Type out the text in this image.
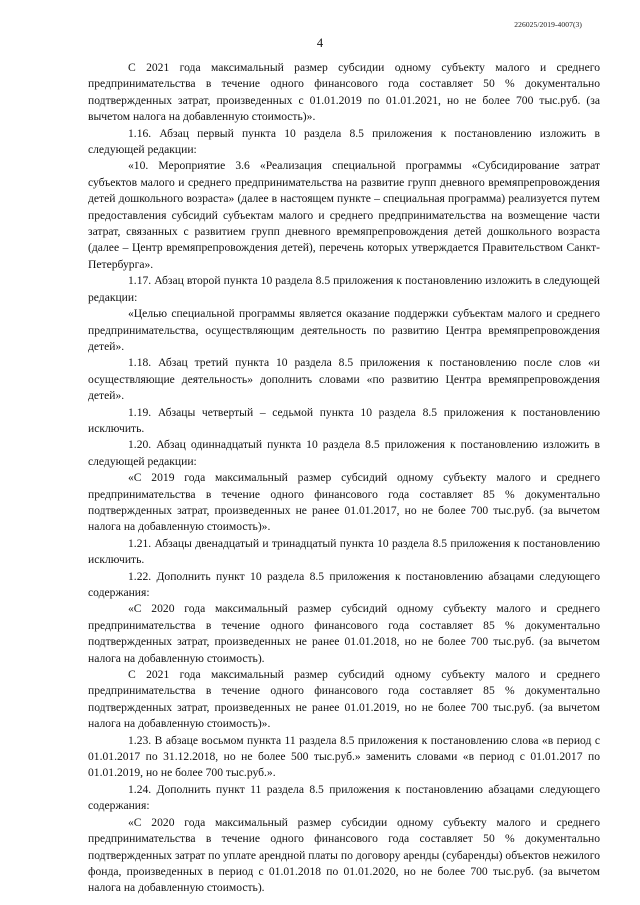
226025/2019-4007(3)
4

С 2021 года максимальный размер субсидии одному субъекту малого и среднего предпринимательства в течение одного финансового года составляет 50 % документально подтвержденных затрат, произведенных с 01.01.2019 по 01.01.2021, но не более 700 тыс.руб. (за вычетом налога на добавленную стоимость)».

1.16. Абзац первый пункта 10 раздела 8.5 приложения к постановлению изложить в следующей редакции:

«10. Мероприятие 3.6 «Реализация специальной программы «Субсидирование затрат субъектов малого и среднего предпринимательства на развитие групп дневного времяпрепровождения детей дошкольного возраста» (далее в настоящем пункте – специальная программа) реализуется путем предоставления субсидий субъектам малого и среднего предпринимательства на возмещение части затрат, связанных с развитием групп дневного времяпрепровождения детей дошкольного возраста (далее – Центр времяпрепровождения детей), перечень которых утверждается Правительством Санкт-Петербурга».

1.17. Абзац второй пункта 10 раздела 8.5 приложения к постановлению изложить в следующей редакции:

«Целью специальной программы является оказание поддержки субъектам малого и среднего предпринимательства, осуществляющим деятельность по развитию Центра времяпрепровождения детей».

1.18. Абзац третий пункта 10 раздела 8.5 приложения к постановлению после слов «и осуществляющие деятельность» дополнить словами «по развитию Центра времяпрепровождения детей».

1.19. Абзацы четвертый – седьмой пункта 10 раздела 8.5 приложения к постановлению исключить.

1.20. Абзац одиннадцатый пункта 10 раздела 8.5 приложения к постановлению изложить в следующей редакции:

«С 2019 года максимальный размер субсидий одному субъекту малого и среднего предпринимательства в течение одного финансового года составляет 85 % документально подтвержденных затрат, произведенных не ранее 01.01.2017, но не более 700 тыс.руб. (за вычетом налога на добавленную стоимость)».

1.21. Абзацы двенадцатый и тринадцатый пункта 10 раздела 8.5 приложения к постановлению исключить.

1.22. Дополнить пункт 10 раздела 8.5 приложения к постановлению абзацами следующего содержания:

«С 2020 года максимальный размер субсидий одному субъекту малого и среднего предпринимательства в течение одного финансового года составляет 85 % документально подтвержденных затрат, произведенных не ранее 01.01.2018, но не более 700 тыс.руб. (за вычетом налога на добавленную стоимость).

С 2021 года максимальный размер субсидий одному субъекту малого и среднего предпринимательства в течение одного финансового года составляет 85 % документально подтвержденных затрат, произведенных не ранее 01.01.2019, но не более 700 тыс.руб. (за вычетом налога на добавленную стоимость)».

1.23. В абзаце восьмом пункта 11 раздела 8.5 приложения к постановлению слова «в период с 01.01.2017 по 31.12.2018, но не более 500 тыс.руб.» заменить словами «в период с 01.01.2017 по 01.01.2019, но не более 700 тыс.руб.».

1.24. Дополнить пункт 11 раздела 8.5 приложения к постановлению абзацами следующего содержания:

«С 2020 года максимальный размер субсидии одному субъекту малого и среднего предпринимательства в течение одного финансового года составляет 50 % документально подтвержденных затрат по уплате арендной платы по договору аренды (субаренды) объектов нежилого фонда, произведенных в период с 01.01.2018 по 01.01.2020, но не более 700 тыс.руб. (за вычетом налога на добавленную стоимость).
